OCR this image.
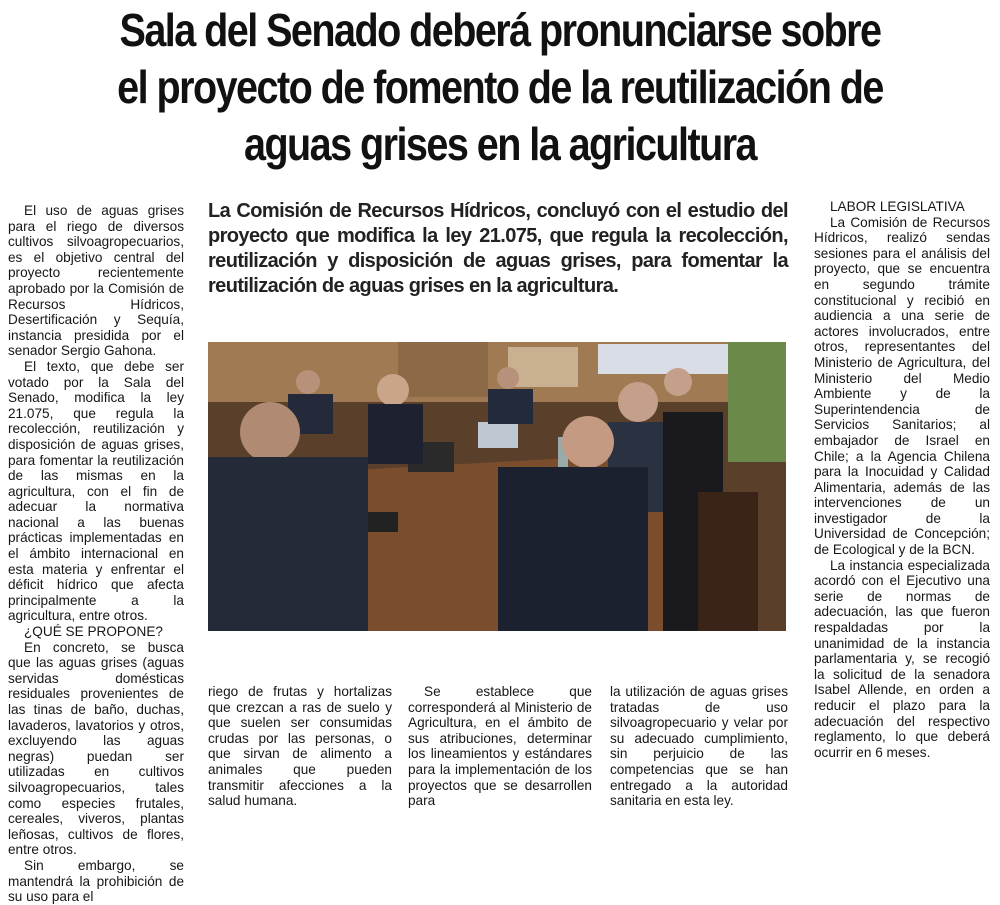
Sala del Senado deberá pronunciarse sobre
el proyecto de fomento de la reutilización de
aguas grises en la agricultura

El uso de aguas grises para el riego de diversos cultivos silvoagropecuarios, es el objetivo central del proyecto recientemente aprobado por la Comisión de Recursos Hídricos, Desertificación y Sequía, instancia presidida por el senador Sergio Gahona.

El texto, que debe ser votado por la Sala del Senado, modifica la ley 21.075, que regula la recolección, reutilización y disposición de aguas grises, para fomentar la reutilización de las mismas en la agricultura, con el fin de adecuar la normativa nacional a las buenas prácticas implementadas en el ámbito internacional en esta materia y enfrentar el déficit hídrico que afecta principalmente a la agricultura, entre otros.

¿QUÉ SE PROPONE?

En concreto, se busca que las aguas grises (aguas servidas domésticas residuales provenientes de las tinas de baño, duchas, lavaderos, lavatorios y otros, excluyendo las aguas negras) puedan ser utilizadas en cultivos silvoagropecuarios, tales como especies frutales, cereales, viveros, plantas leñosas, cultivos de flores, entre otros.

Sin embargo, se mantendrá la prohibición de su uso para el

La Comisión de Recursos Hídricos, concluyó con el estudio del proyecto que modifica la ley 21.075, que regula la recolección, reutilización y disposición de aguas grises, para fomentar la reutilización de aguas grises en la agricultura.

riego de frutas y hortalizas que crezcan a ras de suelo y que suelen ser consumidas crudas por las personas, o que sirvan de alimento a animales que pueden transmitir afecciones a la salud humana.

Se establece que corresponderá al Ministerio de Agricultura, en el ámbito de sus atribuciones, determinar los lineamientos y estándares para la implementación de los proyectos que se desarrollen para

la utilización de aguas grises tratadas de uso silvoagropecuario y velar por su adecuado cumplimiento, sin perjuicio de las competencias que se han entregado a la autoridad sanitaria en esta ley.

LABOR LEGISLATIVA

La Comisión de Recursos Hídricos, realizó sendas sesiones para el análisis del proyecto, que se encuentra en segundo trámite constitucional y recibió en audiencia a una serie de actores involucrados, entre otros, representantes del Ministerio de Agricultura, del Ministerio del Medio Ambiente y de la Superintendencia de Servicios Sanitarios; al embajador de Israel en Chile; a la Agencia Chilena para la Inocuidad y Calidad Alimentaria, además de las intervenciones de un investigador de la Universidad de Concepción; de Ecological y de la BCN.

La instancia especializada acordó con el Ejecutivo una serie de normas de adecuación, las que fueron respaldadas por la unanimidad de la instancia parlamentaria y, se recogió la solicitud de la senadora Isabel Allende, en orden a reducir el plazo para la adecuación del respectivo reglamento, lo que deberá ocurrir en 6 meses.
